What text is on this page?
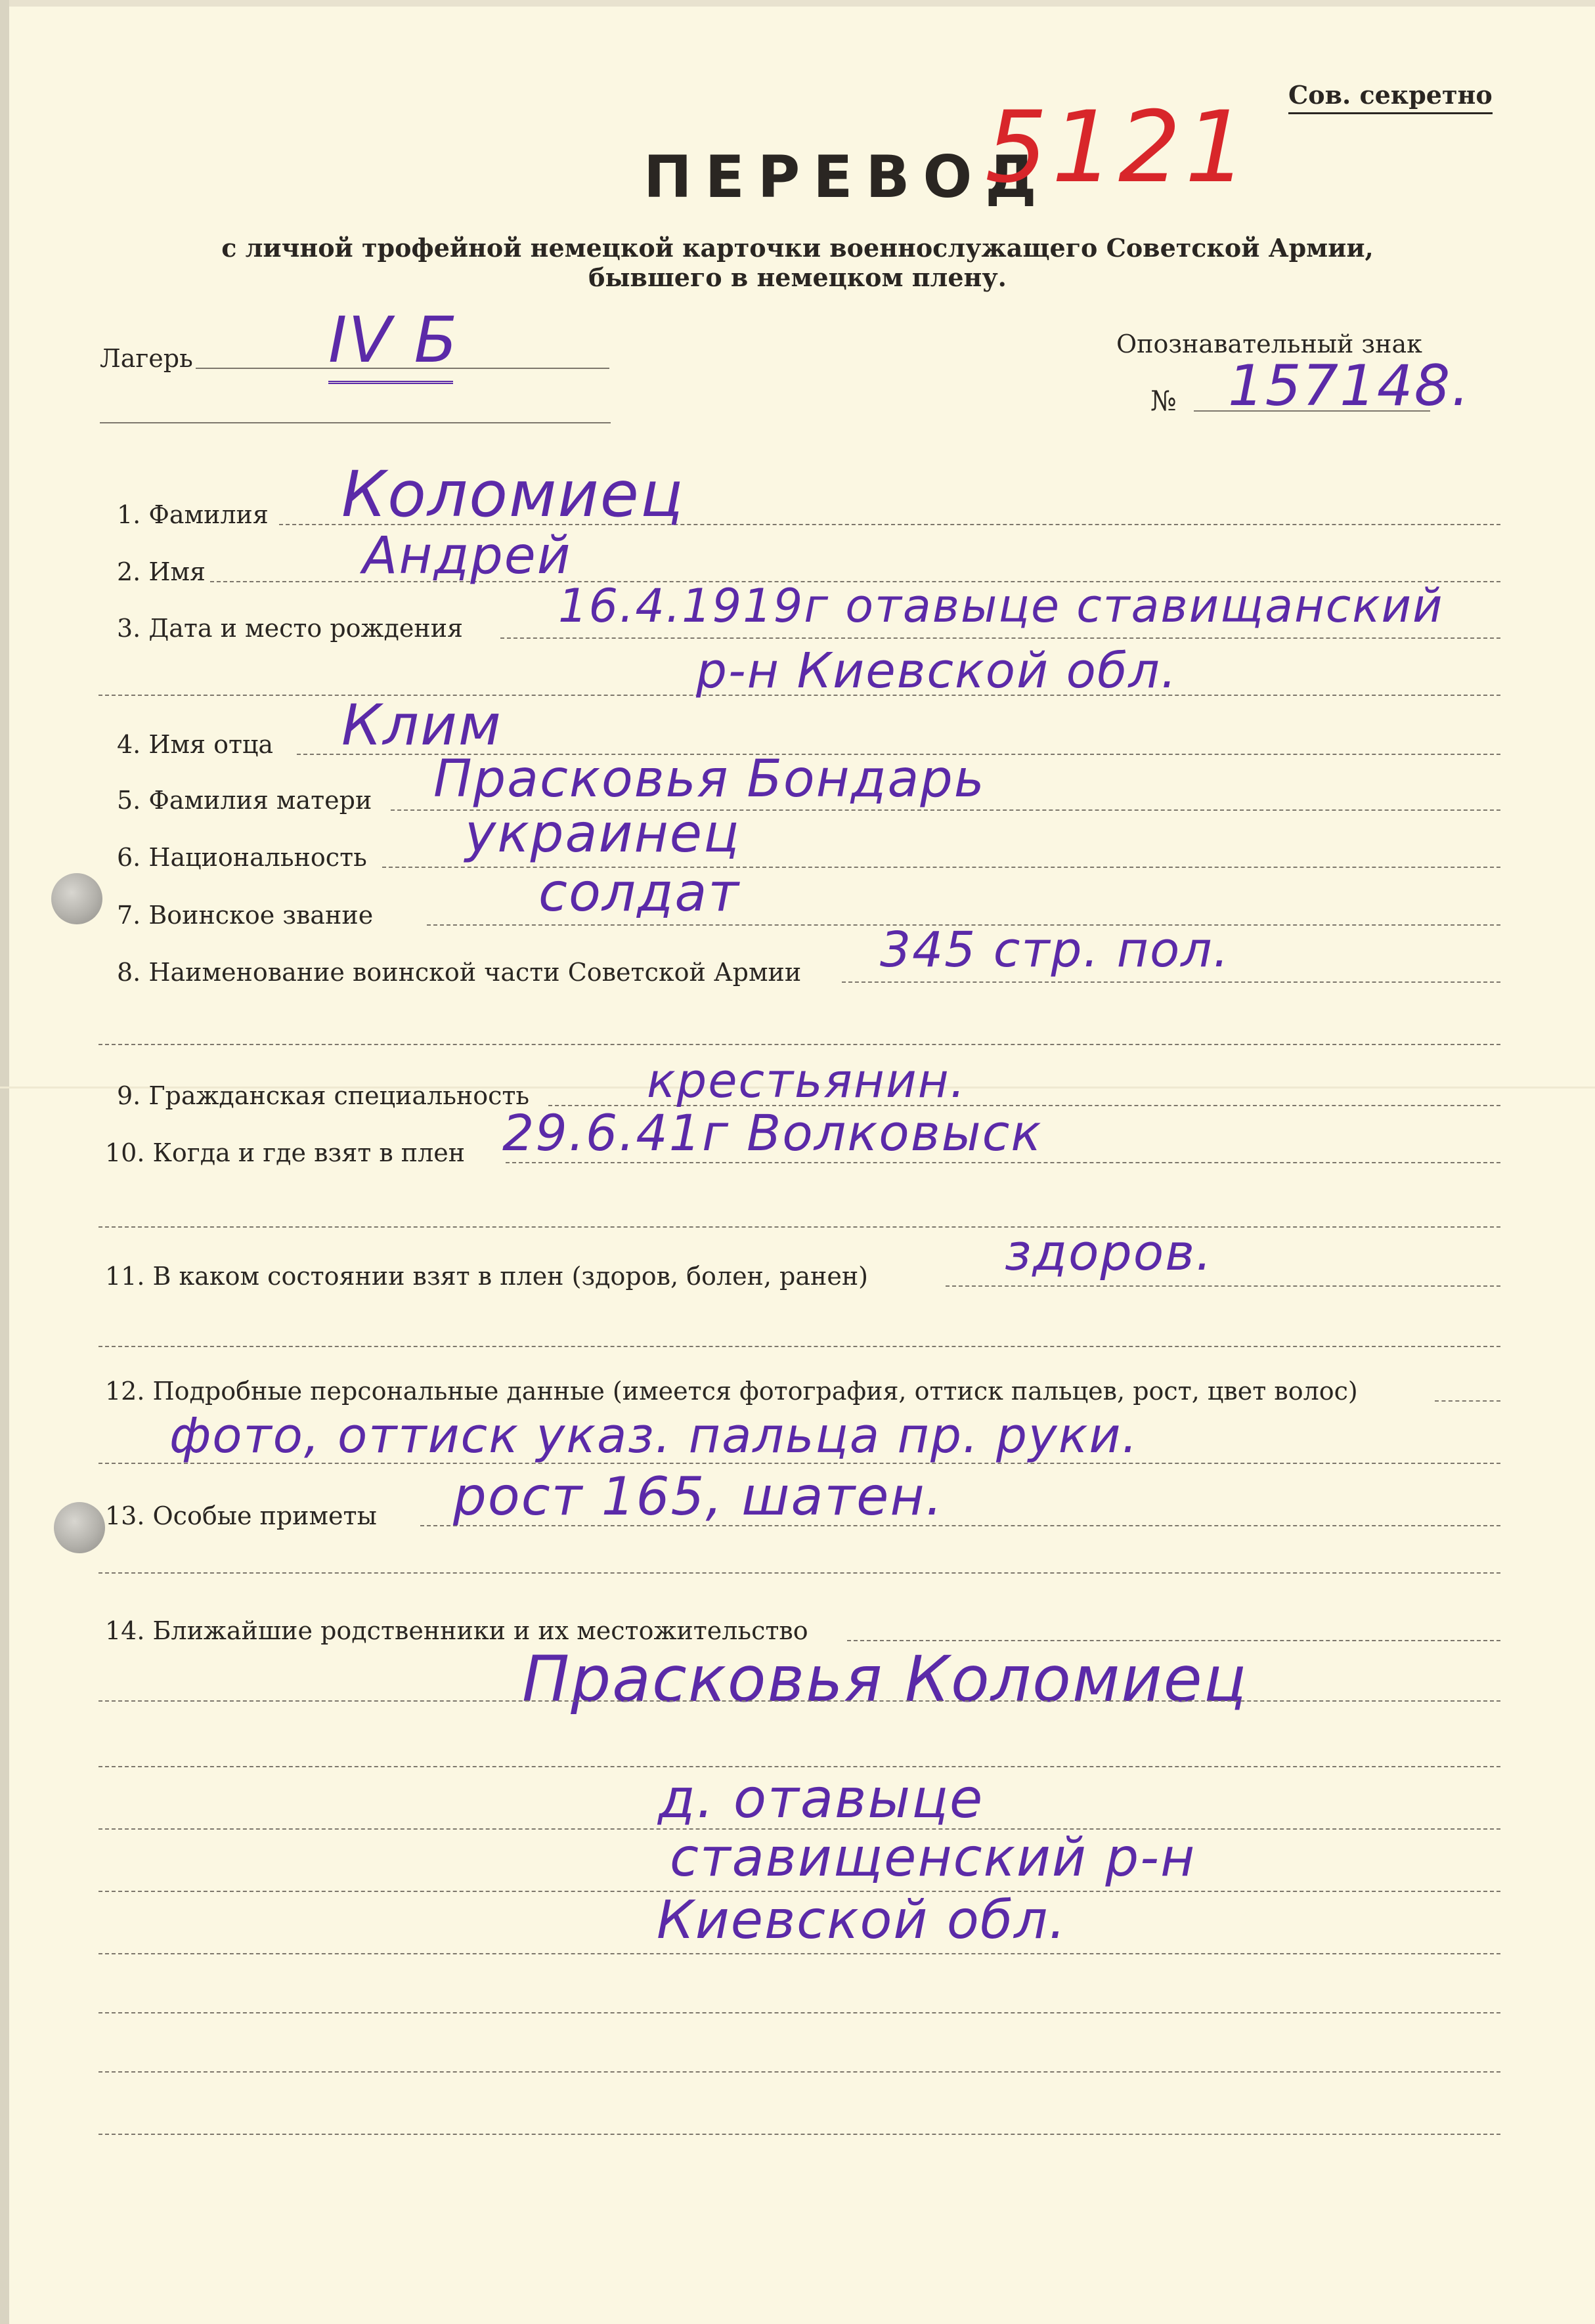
Сов. секретно
ПЕРЕВОД
5121
с личной трофейной немецкой карточки военнослужащего Советской Армии,
бывшего в немецком плену.
Лагерь IV Б	Опознавательный знак
№ 157148.
1. Фамилия Коломиец
2. Имя	Андрей
3. Дата и место рождения 16.4.1919г отавыце ставищанский
р-н Киевской обл.
4. Имя отца Клим
5. Фамилия матери Прасковья Бондарь
6. Национальность украинец
7. Воинское звание	солдат
8. Наименование воинской части Советской Армии 345 стр. пол.
9. Гражданская специальность крестьянин.
10. Когда и где взят в плен 29.6.41г Волковыск
11. В каком состоянии взят в плен (здоров, болен, ранен)	здоров.
12. Подробные персональные данные (имеется фотография, оттиск пальцев, рост, цвет волос)
фото, оттиск указ. пальца пр. руки.
13. Особые приметы рост 165, шатен.
14. Ближайшие родственники и их местожительство
Прасковья Коломиец
д. отавыце
ставищенский р-н
Киевской обл.
